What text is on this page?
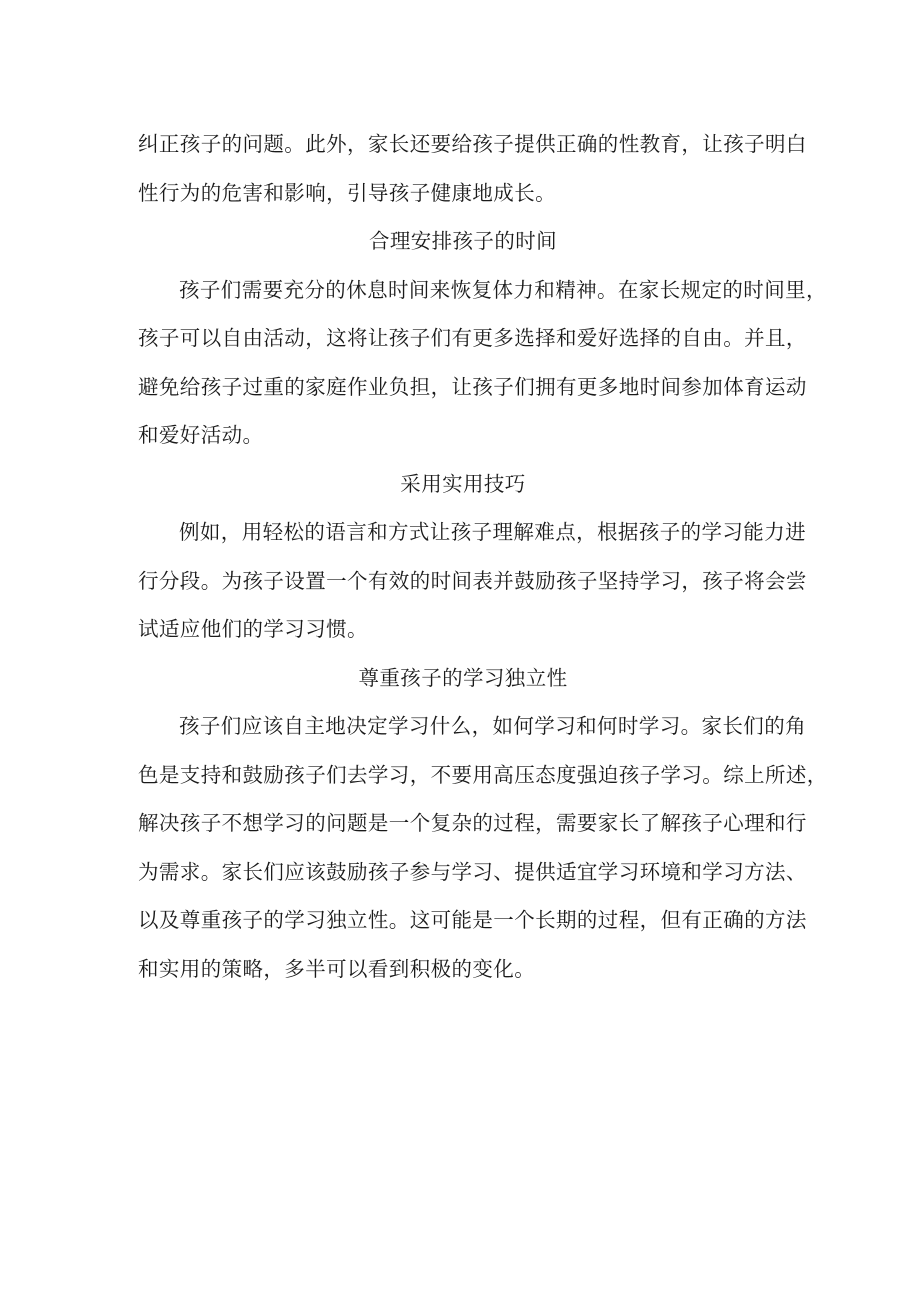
纠正孩子的问题。此外，家长还要给孩子提供正确的性教育，让孩子明白
性行为的危害和影响，引导孩子健康地成长。
合理安排孩子的时间
孩子们需要充分的休息时间来恢复体力和精神。在家长规定的时间里，
孩子可以自由活动，这将让孩子们有更多选择和爱好选择的自由。并且，
避免给孩子过重的家庭作业负担，让孩子们拥有更多地时间参加体育运动
和爱好活动。
采用实用技巧
例如，用轻松的语言和方式让孩子理解难点，根据孩子的学习能力进
行分段。为孩子设置一个有效的时间表并鼓励孩子坚持学习，孩子将会尝
试适应他们的学习习惯。
尊重孩子的学习独立性
孩子们应该自主地决定学习什么，如何学习和何时学习。家长们的角
色是支持和鼓励孩子们去学习，不要用高压态度强迫孩子学习。综上所述，
解决孩子不想学习的问题是一个复杂的过程，需要家长了解孩子心理和行
为需求。家长们应该鼓励孩子参与学习、提供适宜学习环境和学习方法、
以及尊重孩子的学习独立性。这可能是一个长期的过程，但有正确的方法
和实用的策略，多半可以看到积极的变化。
